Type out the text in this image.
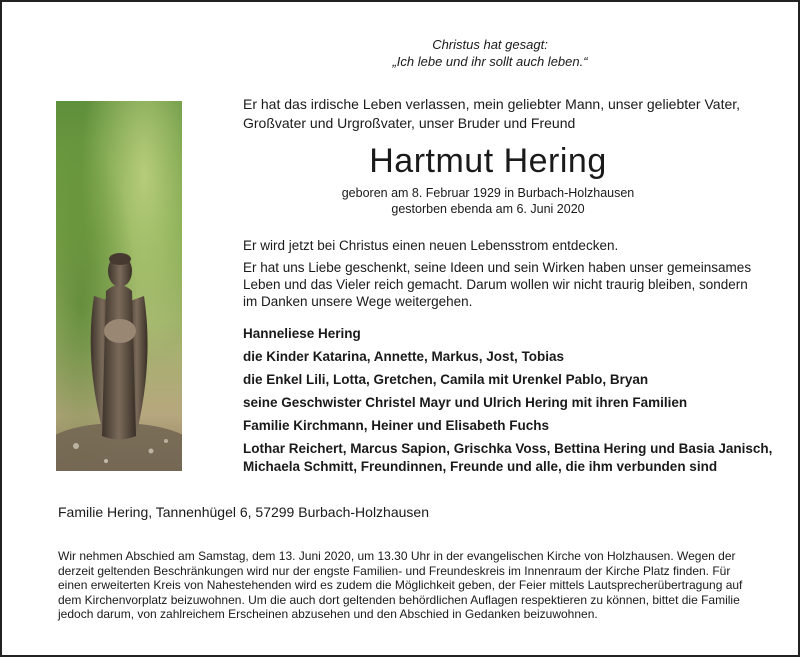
Christus hat gesagt:
„Ich lebe und ihr sollt auch leben.“
Er hat das irdische Leben verlassen, mein geliebter Mann, unser geliebter Vater, Großvater und Urgroßvater, unser Bruder und Freund
Hartmut Hering
geboren am 8. Februar 1929 in Burbach-Holzhausen
gestorben ebenda am 6. Juni 2020
Er wird jetzt bei Christus einen neuen Lebensstrom entdecken.
Er hat uns Liebe geschenkt, seine Ideen und sein Wirken haben unser gemeinsames Leben und das Vieler reich gemacht. Darum wollen wir nicht traurig bleiben, sondern im Danken unsere Wege weitergehen.
Hanneliese Hering
die Kinder Katarina, Annette, Markus, Jost, Tobias
die Enkel Lili, Lotta, Gretchen, Camila mit Urenkel Pablo, Bryan
seine Geschwister Christel Mayr und Ulrich Hering mit ihren Familien
Familie Kirchmann, Heiner und Elisabeth Fuchs
Lothar Reichert, Marcus Sapion, Grischka Voss, Bettina Hering und Basia Janisch,
Michaela Schmitt, Freundinnen, Freunde und alle, die ihm verbunden sind
Familie Hering, Tannenhügel 6, 57299 Burbach-Holzhausen
Wir nehmen Abschied am Samstag, dem 13. Juni 2020, um 13.30 Uhr in der evangelischen Kirche von Holzhausen. Wegen der derzeit geltenden Beschränkungen wird nur der engste Familien- und Freundeskreis im Innenraum der Kirche Platz finden. Für einen erweiterten Kreis von Nahestehenden wird es zudem die Möglichkeit geben, der Feier mittels Lautsprecherübertragung auf dem Kirchenvorplatz beizuwohnen. Um die auch dort geltenden behördlichen Auflagen respektieren zu können, bittet die Familie jedoch darum, von zahlreichem Erscheinen abzusehen und den Abschied in Gedanken beizuwohnen.
